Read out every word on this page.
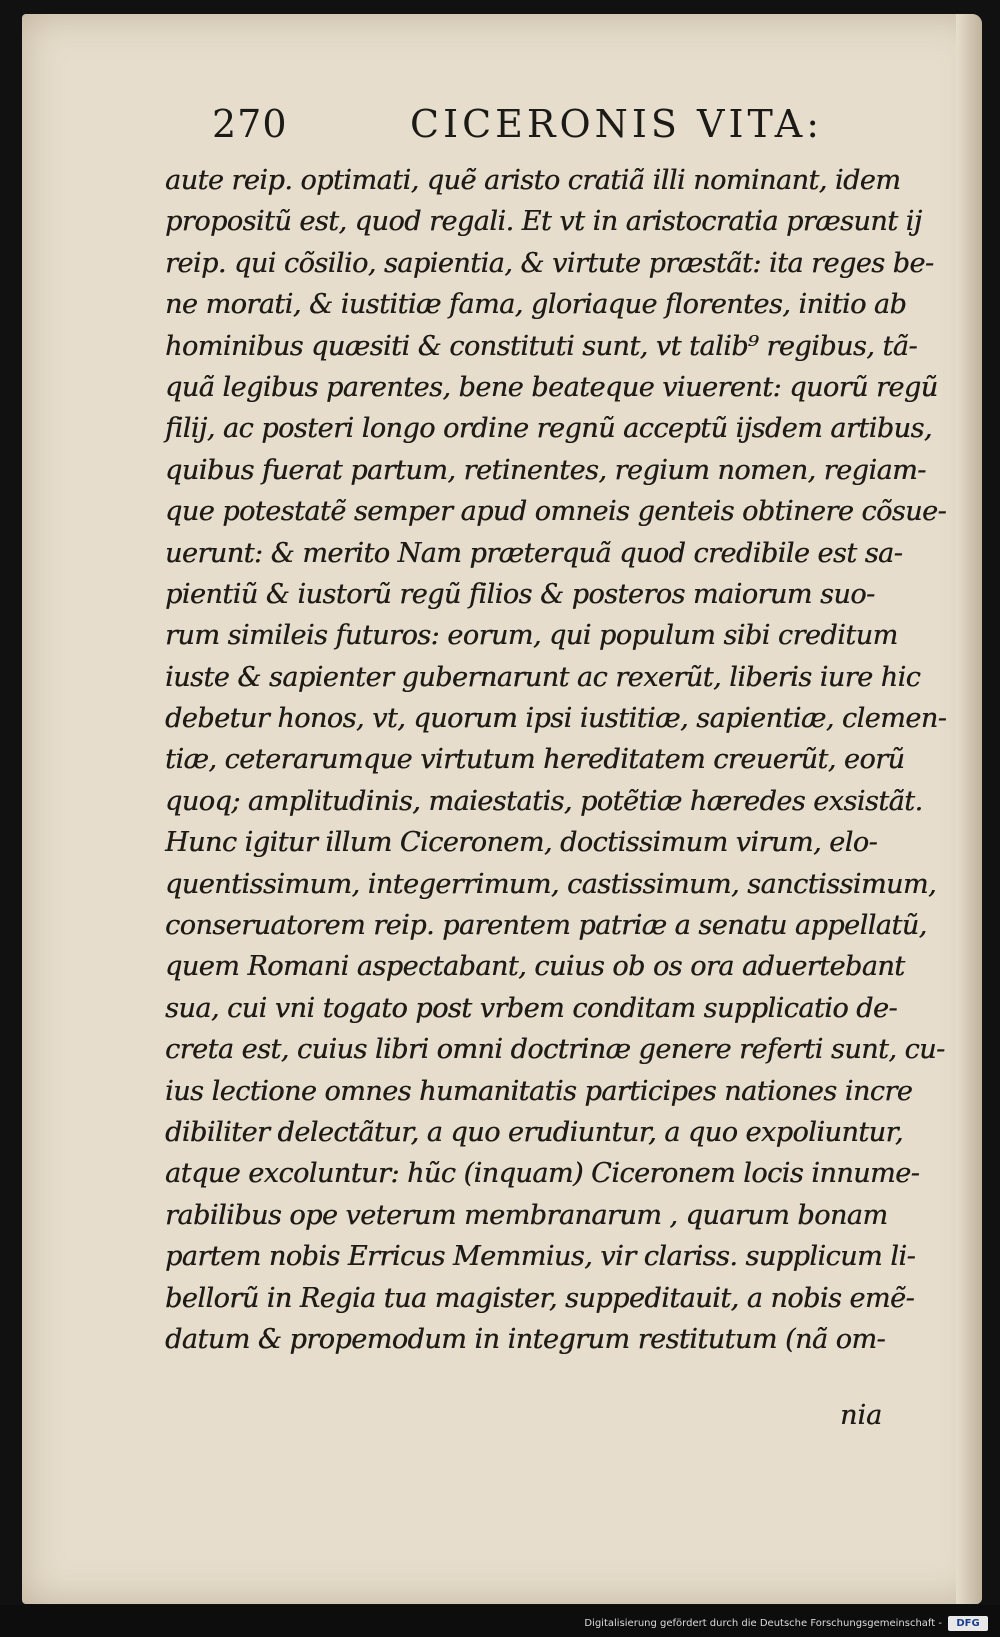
270	CICERONIS VITA:
aute reip. optimati, quẽ aristo cratiã illi nominant, idem
propositũ est, quod regali. Et vt in aristocratia præsunt ij
reip. qui cõsilio, sapientia, & virtute præstãt: ita reges be-
ne morati, & iustitiæ fama, gloriaque florentes, initio ab
hominibus quæsiti & constituti sunt, vt talib⁹ regibus, tã-
quã legibus parentes, bene beateque viuerent: quorũ regũ
filij, ac posteri longo ordine regnũ acceptũ ijsdem artibus,
quibus fuerat partum, retinentes, regium nomen, regiam-
que potestatẽ semper apud omneis genteis obtinere cõsue-
uerunt: & merito Nam præterquã quod credibile est sa-
pientiũ & iustorũ regũ filios & posteros maiorum suo-
rum simileis futuros: eorum, qui populum sibi creditum
iuste & sapienter gubernarunt ac rexerũt, liberis iure hic
debetur honos, vt, quorum ipsi iustitiæ, sapientiæ, clemen-
tiæ, ceterarumque virtutum hereditatem creuerũt, eorũ
quoq; amplitudinis, maiestatis, potẽtiæ hæredes exsistãt.
Hunc igitur illum Ciceronem, doctissimum virum, elo-
quentissimum, integerrimum, castissimum, sanctissimum,
conseruatorem reip. parentem patriæ a senatu appellatũ,
quem Romani aspectabant, cuius ob os ora aduertebant
sua, cui vni togato post vrbem conditam supplicatio de-
creta est, cuius libri omni doctrinæ genere referti sunt, cu-
ius lectione omnes humanitatis participes nationes incre
dibiliter delectãtur, a quo erudiuntur, a quo expoliuntur,
atque excoluntur: hũc (inquam) Ciceronem locis innume-
rabilibus ope veterum membranarum , quarum bonam
partem nobis Erricus Memmius, vir clariss. supplicum li-
bellorũ in Regia tua magister, suppeditauit, a nobis emẽ-
datum & propemodum in integrum restitutum (nã om-
nia
Digitalisierung gefördert durch die Deutsche Forschungsgemeinschaft -	DFG
